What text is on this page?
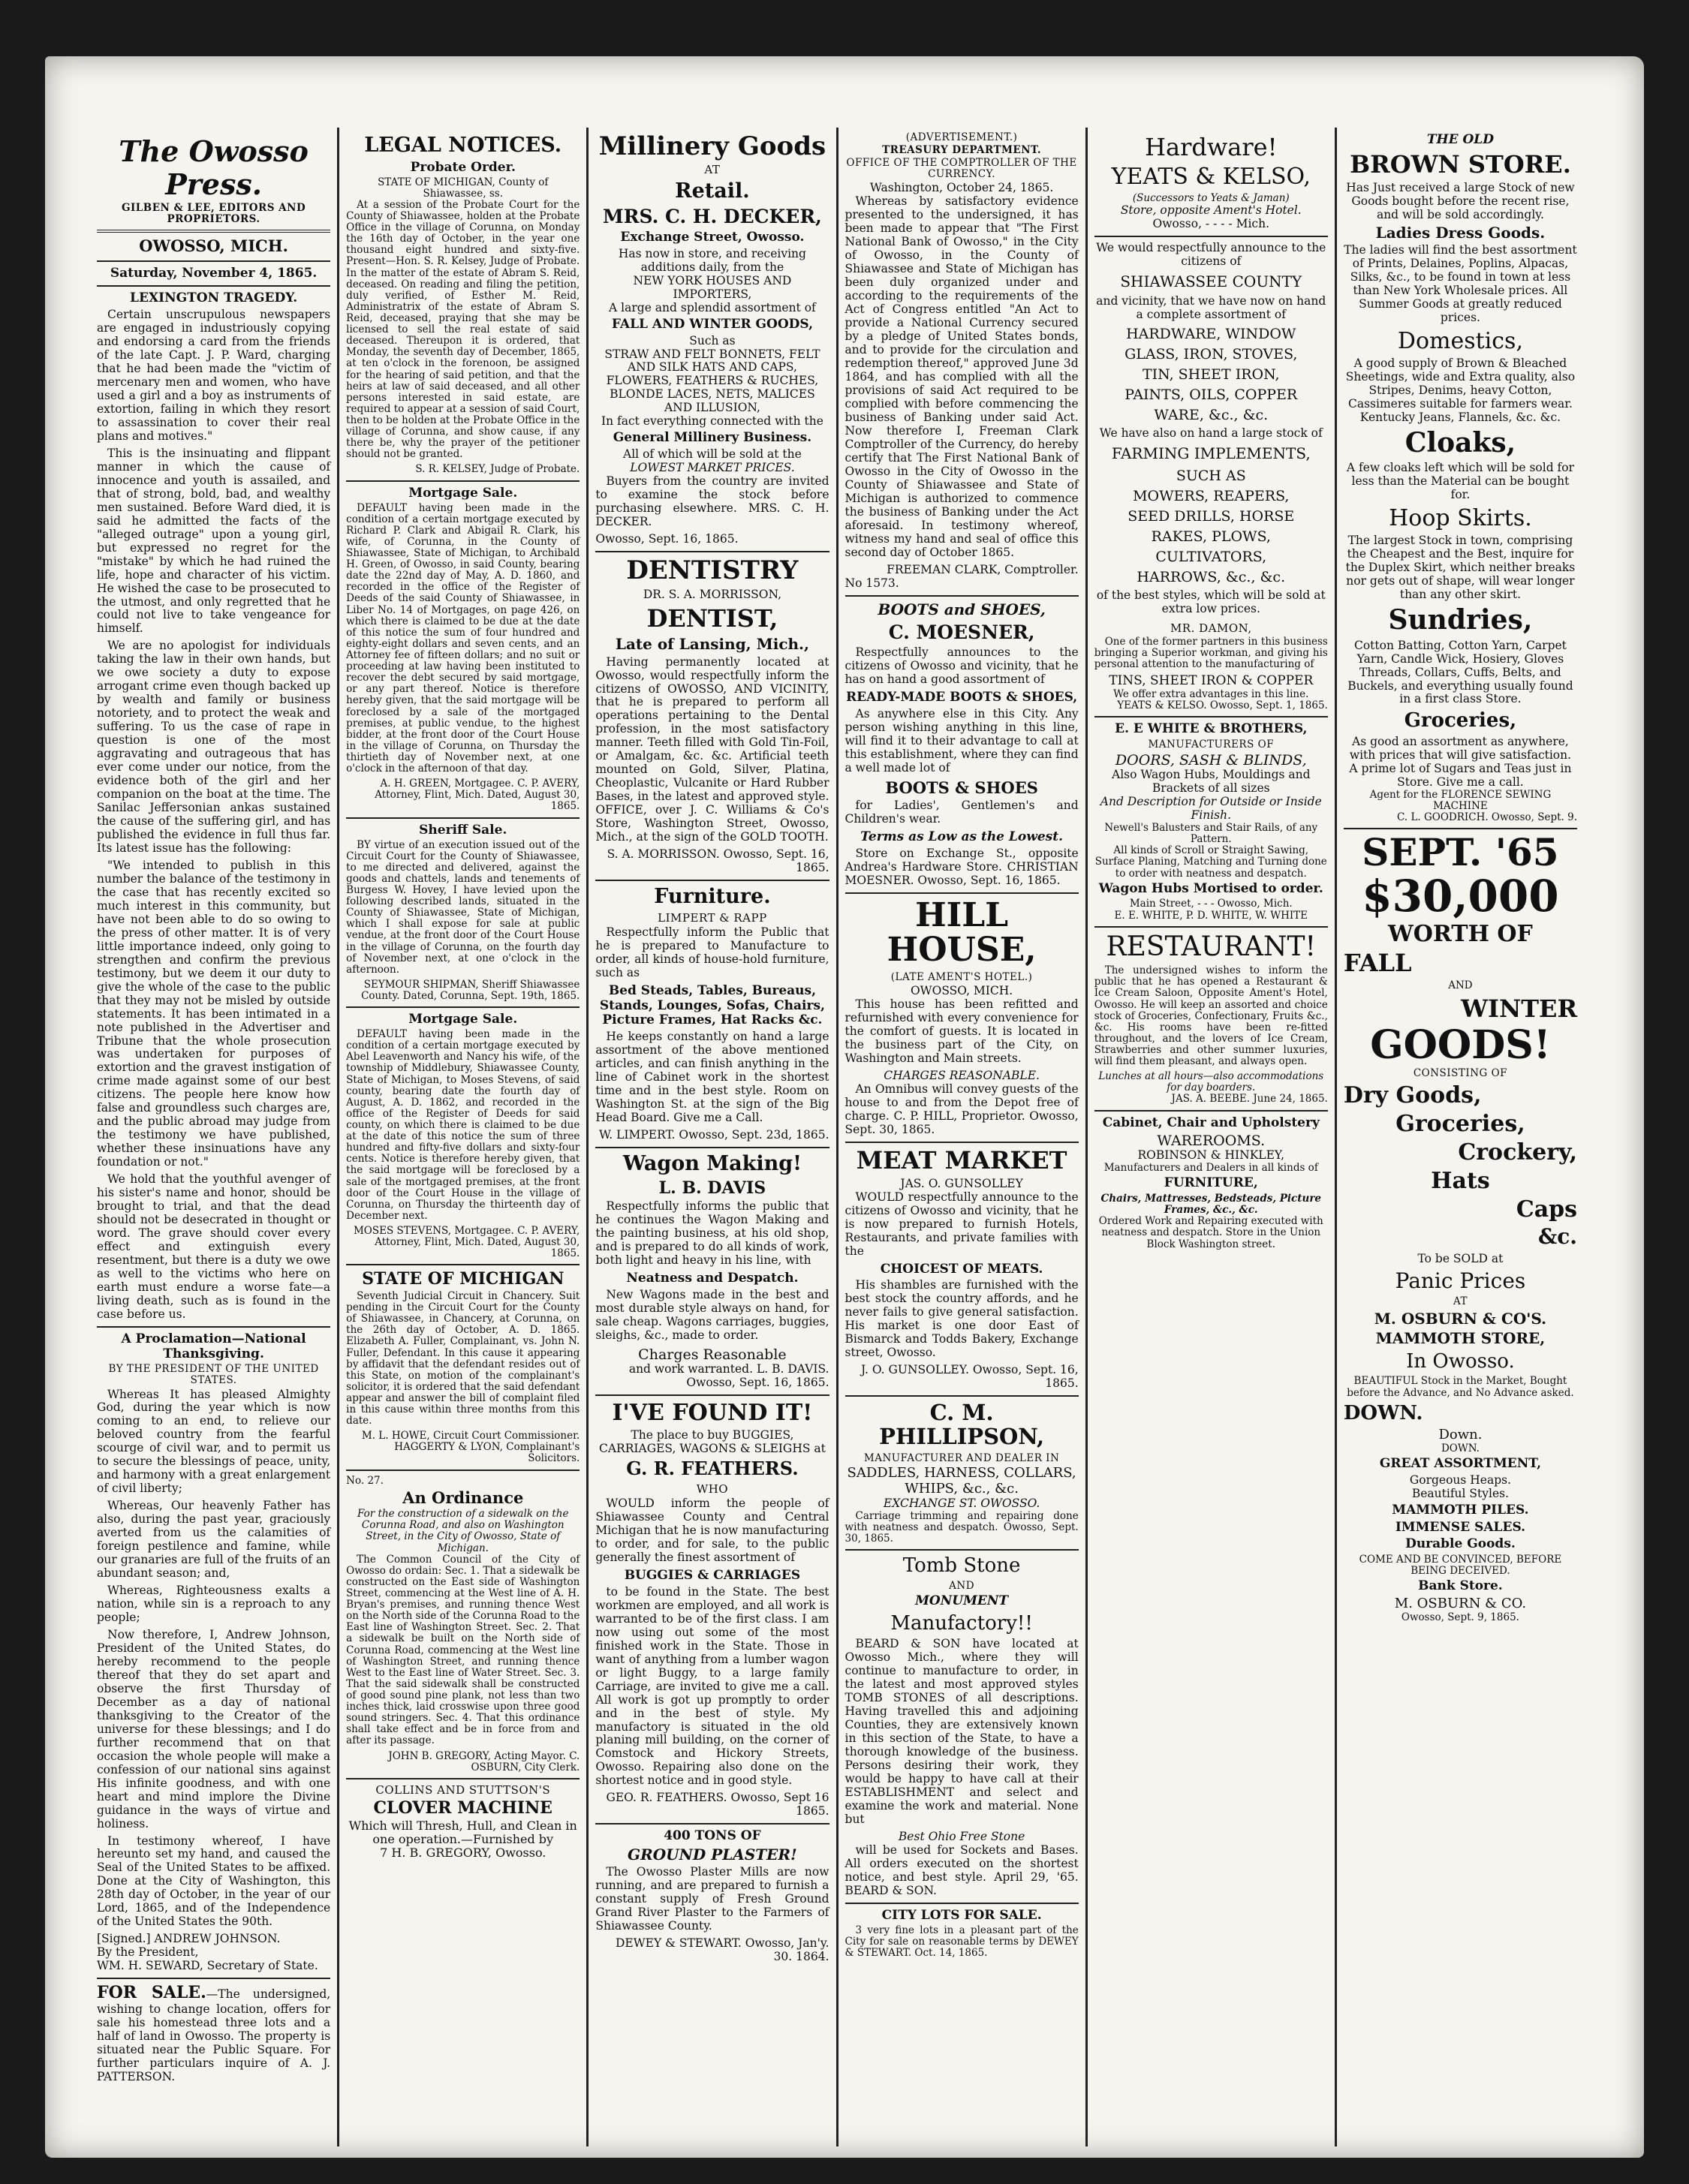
The Owosso Press.
GILBEN & LEE, EDITORS AND PROPRIETORS.
OWOSSO, MICH.
Saturday, November 4, 1865.
LEXINGTON TRAGEDY.

Certain unscrupulous newspapers are engaged in industriously copying and endorsing a card from the friends of the late Capt. J. P. Ward, charging that he had been made the "victim of mercenary men and women, who have used a girl and a boy as instruments of extortion, failing in which they resort to assassination to cover their real plans and motives."

This is the insinuating and flippant manner in which the cause of innocence and youth is assailed, and that of strong, bold, bad, and wealthy men sustained. Before Ward died, it is said he admitted the facts of the "alleged outrage" upon a young girl, but expressed no regret for the "mistake" by which he had ruined the life, hope and character of his victim. He wished the case to be prosecuted to the utmost, and only regretted that he could not live to take vengeance for himself.

We are no apologist for individuals taking the law in their own hands, but we owe society a duty to expose arrogant crime even though backed up by wealth and family or business notoriety, and to protect the weak and suffering. To us the case of rape in question is one of the most aggravating and outrageous that has ever come under our notice, from the evidence both of the girl and her companion on the boat at the time. The Sanilac Jeffersonian ankas sustained the cause of the suffering girl, and has published the evidence in full thus far. Its latest issue has the following:

"We intended to publish in this number the balance of the testimony in the case that has recently excited so much interest in this community, but have not been able to do so owing to the press of other matter. It is of very little importance indeed, only going to strengthen and confirm the previous testimony, but we deem it our duty to give the whole of the case to the public that they may not be misled by outside statements. It has been intimated in a note published in the Advertiser and Tribune that the whole prosecution was undertaken for purposes of extortion and the gravest instigation of crime made against some of our best citizens. The people here know how false and groundless such charges are, and the public abroad may judge from the testimony we have published, whether these insinuations have any foundation or not."

We hold that the youthful avenger of his sister's name and honor, should be brought to trial, and that the dead should not be desecrated in thought or word. The grave should cover every effect and extinguish every resentment, but there is a duty we owe as well to the victims who here on earth must endure a worse fate—a living death, such as is found in the case before us.

A Proclamation—National Thanksgiving.
BY THE PRESIDENT OF THE UNITED STATES.

Whereas It has pleased Almighty God, during the year which is now coming to an end, to relieve our beloved country from the fearful scourge of civil war, and to permit us to secure the blessings of peace, unity, and harmony with a great enlargement of civil liberty;

Whereas, Our heavenly Father has also, during the past year, graciously averted from us the calamities of foreign pestilence and famine, while our granaries are full of the fruits of an abundant season; and,

Whereas, Righteousness exalts a nation, while sin is a reproach to any people;

Now therefore, I, Andrew Johnson, President of the United States, do hereby recommend to the people thereof that they do set apart and observe the first Thursday of December as a day of national thanksgiving to the Creator of the universe for these blessings; and I do further recommend that on that occasion the whole people will make a confession of our national sins against His infinite goodness, and with one heart and mind implore the Divine guidance in the ways of virtue and holiness.

In testimony whereof, I have hereunto set my hand, and caused the Seal of the United States to be affixed. Done at the City of Washington, this 28th day of October, in the year of our Lord, 1865, and of the Independence of the United States the 90th.

[Signed.] ANDREW JOHNSON.
By the President,
WM. H. SEWARD, Secretary of State.
FOR SALE.—The undersigned, wishing to change location, offers for sale his homestead three lots and a half of land in Owosso. The property is situated near the Public Square. For further particulars inquire of A. J. PATTERSON.
LEGAL NOTICES.
Probate Order.
STATE OF MICHIGAN, County of Shiawassee, ss.

At a session of the Probate Court for the County of Shiawassee, holden at the Probate Office in the village of Corunna, on Monday the 16th day of October, in the year one thousand eight hundred and sixty-five. Present—Hon. S. R. Kelsey, Judge of Probate. In the matter of the estate of Abram S. Reid, deceased. On reading and filing the petition, duly verified, of Esther M. Reid, Administratrix of the estate of Abram S. Reid, deceased, praying that she may be licensed to sell the real estate of said deceased. Thereupon it is ordered, that Monday, the seventh day of December, 1865, at ten o'clock in the forenoon, be assigned for the hearing of said petition, and that the heirs at law of said deceased, and all other persons interested in said estate, are required to appear at a session of said Court, then to be holden at the Probate Office in the village of Corunna, and show cause, if any there be, why the prayer of the petitioner should not be granted.

S. R. KELSEY, Judge of Probate.
Mortgage Sale.

DEFAULT having been made in the condition of a certain mortgage executed by Richard P. Clark and Abigail R. Clark, his wife, of Corunna, in the County of Shiawassee, State of Michigan, to Archibald H. Green, of Owosso, in said County, bearing date the 22nd day of May, A. D. 1860, and recorded in the office of the Register of Deeds of the said County of Shiawassee, in Liber No. 14 of Mortgages, on page 426, on which there is claimed to be due at the date of this notice the sum of four hundred and eighty-eight dollars and seven cents, and an Attorney fee of fifteen dollars; and no suit or proceeding at law having been instituted to recover the debt secured by said mortgage, or any part thereof. Notice is therefore hereby given, that the said mortgage will be foreclosed by a sale of the mortgaged premises, at public vendue, to the highest bidder, at the front door of the Court House in the village of Corunna, on Thursday the thirtieth day of November next, at one o'clock in the afternoon of that day.

A. H. GREEN, Mortgagee. C. P. AVERY, Attorney, Flint, Mich. Dated, August 30, 1865.
Sheriff Sale.

BY virtue of an execution issued out of the Circuit Court for the County of Shiawassee, to me directed and delivered, against the goods and chattels, lands and tenements of Burgess W. Hovey, I have levied upon the following described lands, situated in the County of Shiawassee, State of Michigan, which I shall expose for sale at public vendue, at the front door of the Court House in the village of Corunna, on the fourth day of November next, at one o'clock in the afternoon.

SEYMOUR SHIPMAN, Sheriff Shiawassee County. Dated, Corunna, Sept. 19th, 1865.
Mortgage Sale.

DEFAULT having been made in the condition of a certain mortgage executed by Abel Leavenworth and Nancy his wife, of the township of Middlebury, Shiawassee County, State of Michigan, to Moses Stevens, of said county, bearing date the fourth day of August, A. D. 1862, and recorded in the office of the Register of Deeds for said county, on which there is claimed to be due at the date of this notice the sum of three hundred and fifty-five dollars and sixty-four cents. Notice is therefore hereby given, that the said mortgage will be foreclosed by a sale of the mortgaged premises, at the front door of the Court House in the village of Corunna, on Thursday the thirteenth day of December next.

MOSES STEVENS, Mortgagee. C. P. AVERY, Attorney, Flint, Mich. Dated, August 30, 1865.
STATE OF MICHIGAN

Seventh Judicial Circuit in Chancery. Suit pending in the Circuit Court for the County of Shiawassee, in Chancery, at Corunna, on the 26th day of October, A. D. 1865. Elizabeth A. Fuller, Complainant, vs. John N. Fuller, Defendant. In this cause it appearing by affidavit that the defendant resides out of this State, on motion of the complainant's solicitor, it is ordered that the said defendant appear and answer the bill of complaint filed in this cause within three months from this date.

M. L. HOWE, Circuit Court Commissioner. HAGGERTY & LYON, Complainant's Solicitors.
No. 27.
An Ordinance
For the construction of a sidewalk on the Corunna Road, and also on Washington Street, in the City of Owosso, State of Michigan.

The Common Council of the City of Owosso do ordain: Sec. 1. That a sidewalk be constructed on the East side of Washington Street, commencing at the West line of A. H. Bryan's premises, and running thence West on the North side of the Corunna Road to the East line of Washington Street. Sec. 2. That a sidewalk be built on the North side of Corunna Road, commencing at the West line of Washington Street, and running thence West to the East line of Water Street. Sec. 3. That the said sidewalk shall be constructed of good sound pine plank, not less than two inches thick, laid crosswise upon three good sound stringers. Sec. 4. That this ordinance shall take effect and be in force from and after its passage.

JOHN B. GREGORY, Acting Mayor. C. OSBURN, City Clerk.
COLLINS AND STUTTSON'S
CLOVER MACHINE
Which will Thresh, Hull, and Clean in one operation.—Furnished by
7 H. B. GREGORY, Owosso.
Millinery Goods
AT
Retail.
MRS. C. H. DECKER,
Exchange Street, Owosso.
Has now in store, and receiving additions daily, from the
NEW YORK HOUSES AND IMPORTERS,
A large and splendid assortment of
FALL AND WINTER GOODS,
Such as
STRAW AND FELT BONNETS, FELT AND SILK HATS AND CAPS, FLOWERS, FEATHERS & RUCHES, BLONDE LACES, NETS, MALICES AND ILLUSION,
In fact everything connected with the
General Millinery Business.
All of which will be sold at the
LOWEST MARKET PRICES.

Buyers from the country are invited to examine the stock before purchasing elsewhere. MRS. C. H. DECKER.

Owosso, Sept. 16, 1865.
DENTISTRY
DR. S. A. MORRISSON,
DENTIST,
Late of Lansing, Mich.,

Having permanently located at Owosso, would respectfully inform the citizens of OWOSSO, AND VICINITY, that he is prepared to perform all operations pertaining to the Dental profession, in the most satisfactory manner. Teeth filled with Gold Tin-Foil, or Amalgam, &c. &c. Artificial teeth mounted on Gold, Silver, Platina, Cheoplastic, Vulcanite or Hard Rubber Bases, in the latest and approved style. OFFICE, over J. C. Williams & Co's Store, Washington Street, Owosso, Mich., at the sign of the GOLD TOOTH.

S. A. MORRISSON. Owosso, Sept. 16, 1865.
Furniture.
LIMPERT & RAPP

Respectfully inform the Public that he is prepared to Manufacture to order, all kinds of house-hold furniture, such as

Bed Steads, Tables, Bureaus, Stands, Lounges, Sofas, Chairs, Picture Frames, Hat Racks &c.

He keeps constantly on hand a large assortment of the above mentioned articles, and can finish anything in the line of Cabinet work in the shortest time and in the best style. Room on Washington St. at the sign of the Big Head Board. Give me a Call.

W. LIMPERT. Owosso, Sept. 23d, 1865.
Wagon Making!
L. B. DAVIS

Respectfully informs the public that he continues the Wagon Making and the painting business, at his old shop, and is prepared to do all kinds of work, both light and heavy in his line, with

Neatness and Despatch.

New Wagons made in the best and most durable style always on hand, for sale cheap. Wagons carriages, buggies, sleighs, &c., made to order.

Charges Reasonable
and work warranted. L. B. DAVIS. Owosso, Sept. 16, 1865.
I'VE FOUND IT!
The place to buy BUGGIES, CARRIAGES, WAGONS & SLEIGHS at
G. R. FEATHERS.
WHO

WOULD inform the people of Shiawassee County and Central Michigan that he is now manufacturing to order, and for sale, to the public generally the finest assortment of

BUGGIES & CARRIAGES

to be found in the State. The best workmen are employed, and all work is warranted to be of the first class. I am now using out some of the most finished work in the State. Those in want of anything from a lumber wagon or light Buggy, to a large family Carriage, are invited to give me a call. All work is got up promptly to order and in the best of style. My manufactory is situated in the old planing mill building, on the corner of Comstock and Hickory Streets, Owosso. Repairing also done on the shortest notice and in good style.

GEO. R. FEATHERS. Owosso, Sept 16 1865.
400 TONS OF
GROUND PLASTER!

The Owosso Plaster Mills are now running, and are prepared to furnish a constant supply of Fresh Ground Grand River Plaster to the Farmers of Shiawassee County.

DEWEY & STEWART. Owosso, Jan'y. 30. 1864.
(ADVERTISEMENT.)
TREASURY DEPARTMENT.
OFFICE OF THE COMPTROLLER OF THE CURRENCY.
Washington, October 24, 1865.

Whereas by satisfactory evidence presented to the undersigned, it has been made to appear that "The First National Bank of Owosso," in the City of Owosso, in the County of Shiawassee and State of Michigan has been duly organized under and according to the requirements of the Act of Congress entitled "An Act to provide a National Currency secured by a pledge of United States bonds, and to provide for the circulation and redemption thereof," approved June 3d 1864, and has complied with all the provisions of said Act required to be complied with before commencing the business of Banking under said Act. Now therefore I, Freeman Clark Comptroller of the Currency, do hereby certify that The First National Bank of Owosso in the City of Owosso in the County of Shiawassee and State of Michigan is authorized to commence the business of Banking under the Act aforesaid. In testimony whereof, witness my hand and seal of office this second day of October 1865.

FREEMAN CLARK, Comptroller.
No 1573.
BOOTS and SHOES,
C. MOESNER,

Respectfully announces to the citizens of Owosso and vicinity, that he has on hand a good assortment of

READY-MADE BOOTS & SHOES,

As anywhere else in this City. Any person wishing anything in this line, will find it to their advantage to call at this establishment, where they can find a well made lot of

BOOTS & SHOES

for Ladies', Gentlemen's and Children's wear.

Terms as Low as the Lowest.

Store on Exchange St., opposite Andrea's Hardware Store. CHRISTIAN MOESNER. Owosso, Sept. 16, 1865.

HILL HOUSE,
(LATE AMENT'S HOTEL.)
OWOSSO, MICH.

This house has been refitted and refurnished with every convenience for the comfort of guests. It is located in the business part of the City, on Washington and Main streets.

CHARGES REASONABLE.

An Omnibus will convey guests of the house to and from the Depot free of charge. C. P. HILL, Proprietor. Owosso, Sept. 30, 1865.

MEAT MARKET
JAS. O. GUNSOLLEY

WOULD respectfully announce to the citizens of Owosso and vicinity, that he is now prepared to furnish Hotels, Restaurants, and private families with the

CHOICEST OF MEATS.

His shambles are furnished with the best stock the country affords, and he never fails to give general satisfaction. His market is one door East of Bismarck and Todds Bakery, Exchange street, Owosso.

J. O. GUNSOLLEY. Owosso, Sept. 16, 1865.
C. M. PHILLIPSON,
MANUFACTURER AND DEALER IN
SADDLES, HARNESS, COLLARS, WHIPS, &c., &c.
EXCHANGE ST. OWOSSO.

Carriage trimming and repairing done with neatness and despatch. Owosso, Sept. 30, 1865.

Tomb Stone
AND
MONUMENT
Manufactory!!

BEARD & SON have located at Owosso Mich., where they will continue to manufacture to order, in the latest and most approved styles TOMB STONES of all descriptions. Having travelled this and adjoining Counties, they are extensively known in this section of the State, to have a thorough knowledge of the business. Persons desiring their work, they would be happy to have call at their ESTABLISHMENT and select and examine the work and material. None but

Best Ohio Free Stone

will be used for Sockets and Bases. All orders executed on the shortest notice, and best style. April 29, '65. BEARD & SON.

CITY LOTS FOR SALE.

3 very fine lots in a pleasant part of the City for sale on reasonable terms by DEWEY & STEWART. Oct. 14, 1865.

Hardware!
YEATS & KELSO,
(Successors to Yeats & Jaman)
Store, opposite Ament's Hotel.
Owosso, - - - - Mich.
We would respectfully announce to the citizens of
SHIAWASSEE COUNTY
and vicinity, that we have now on hand a complete assortment of
HARDWARE, WINDOW
GLASS, IRON, STOVES,
TIN, SHEET IRON,
PAINTS, OILS, COPPER
WARE, &c., &c.
We have also on hand a large stock of
FARMING IMPLEMENTS,
SUCH AS
MOWERS, REAPERS,
SEED DRILLS, HORSE
RAKES, PLOWS,
CULTIVATORS,
HARROWS, &c., &c.
of the best styles, which will be sold at extra low prices.
MR. DAMON,

One of the former partners in this business bringing a Superior workman, and giving his personal attention to the manufacturing of

TINS, SHEET IRON & COPPER
We offer extra advantages in this line.
YEATS & KELSO. Owosso, Sept. 1, 1865.
E. E WHITE & BROTHERS,
MANUFACTURERS OF
DOORS, SASH & BLINDS,
Also Wagon Hubs, Mouldings and Brackets of all sizes
And Description for Outside or Inside Finish.
Newell's Balusters and Stair Rails, of any Pattern.
All kinds of Scroll or Straight Sawing, Surface Planing, Matching and Turning done to order with neatness and despatch.
Wagon Hubs Mortised to order.
Main Street, - - - Owosso, Mich.
E. E. WHITE, P. D. WHITE, W. WHITE
RESTAURANT!

The undersigned wishes to inform the public that he has opened a Restaurant & Ice Cream Saloon, Opposite Ament's Hotel, Owosso. He will keep an assorted and choice stock of Groceries, Confectionary, Fruits &c., &c. His rooms have been re-fitted throughout, and the lovers of Ice Cream, Strawberries and other summer luxuries, will find them pleasant, and always open.

Lunches at all hours—also accommodations for day boarders.
JAS. A. BEEBE. June 24, 1865.
Cabinet, Chair and Upholstery
WAREROOMS.
ROBINSON & HINKLEY,
Manufacturers and Dealers in all kinds of
FURNITURE,
Chairs, Mattresses, Bedsteads, Picture Frames, &c., &c.
Ordered Work and Repairing executed with neatness and despatch. Store in the Union Block Washington street.
THE OLD
BROWN STORE.
Has Just received a large Stock of new Goods bought before the recent rise, and will be sold accordingly.
Ladies Dress Goods.
The ladies will find the best assortment of Prints, Delaines, Poplins, Alpacas, Silks, &c., to be found in town at less than New York Wholesale prices. All Summer Goods at greatly reduced prices.
Domestics,
A good supply of Brown & Bleached Sheetings, wide and Extra quality, also Stripes, Denims, heavy Cotton, Cassimeres suitable for farmers wear. Kentucky Jeans, Flannels, &c. &c.
Cloaks,
A few cloaks left which will be sold for less than the Material can be bought for.
Hoop Skirts.
The largest Stock in town, comprising the Cheapest and the Best, inquire for the Duplex Skirt, which neither breaks nor gets out of shape, will wear longer than any other skirt.
Sundries,
Cotton Batting, Cotton Yarn, Carpet Yarn, Candle Wick, Hosiery, Gloves Threads, Collars, Cuffs, Belts, and Buckels, and everything usually found in a first class Store.
Groceries,
As good an assortment as anywhere, with prices that will give satisfaction. A prime lot of Sugars and Teas just in Store. Give me a call.
Agent for the FLORENCE SEWING MACHINE
C. L. GOODRICH. Owosso, Sept. 9.
SEPT. '65
$30,000
WORTH OF
FALL
AND
WINTER
GOODS!
CONSISTING OF
Dry Goods,
Groceries,
Crockery,
Hats
Caps
&c.
To be SOLD at
Panic Prices
AT
M. OSBURN & CO'S.
MAMMOTH STORE,
In Owosso.
BEAUTIFUL Stock in the Market, Bought before the Advance, and No Advance asked.
DOWN.
Down.
DOWN.
GREAT ASSORTMENT,
Gorgeous Heaps.
Beautiful Styles.
MAMMOTH PILES.
IMMENSE SALES.
Durable Goods.
COME AND BE CONVINCED, BEFORE BEING DECEIVED.
Bank Store.
M. OSBURN & CO.
Owosso, Sept. 9, 1865.
